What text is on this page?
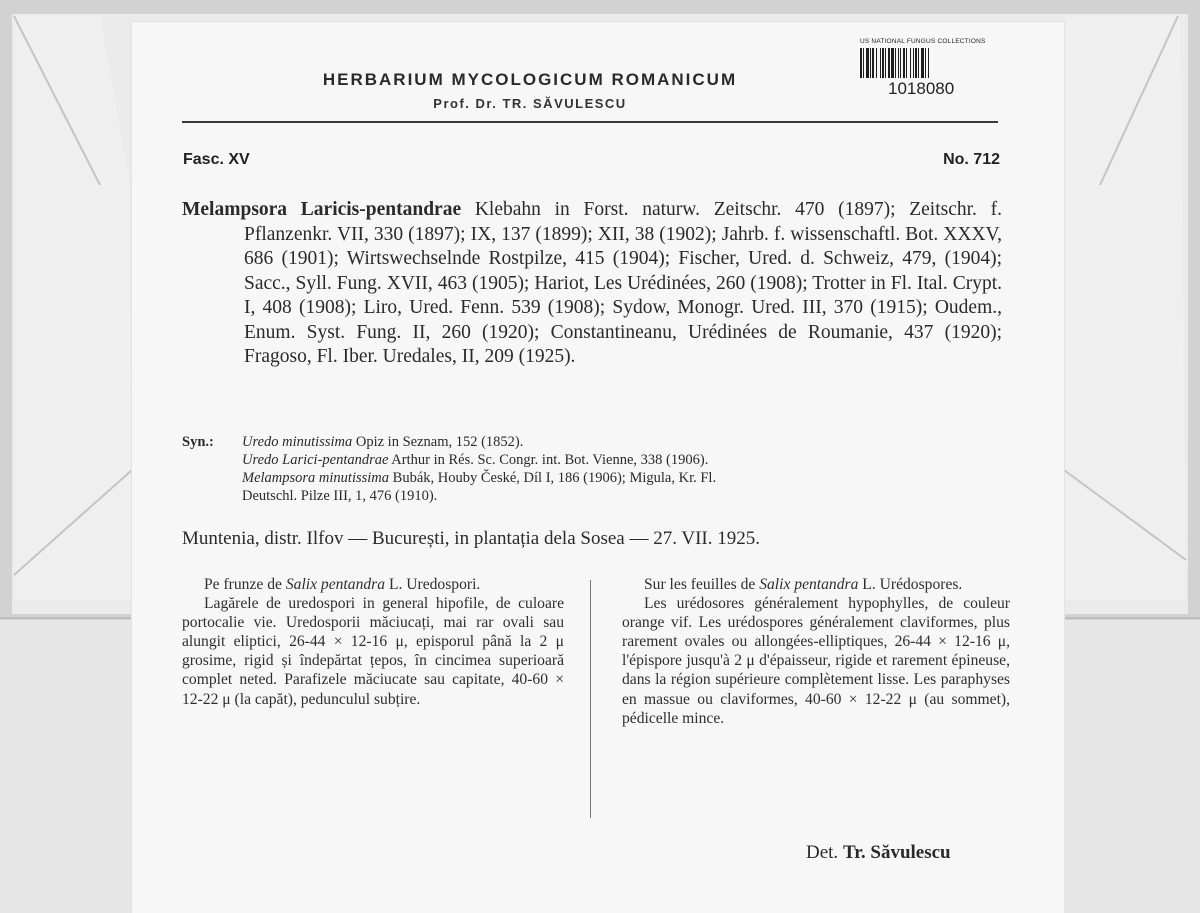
HERBARIUM MYCOLOGICUM ROMANICUM
Prof. Dr. TR. SĂVULESCU
US NATIONAL FUNGUS COLLECTIONS
1018080
Fasc. XV	No. 712
Melampsora Laricis-pentandrae Klebahn in Forst. naturw. Zeitschr. 470 (1897); Zeitschr. f. Pflanzenkr. VII, 330 (1897); IX, 137 (1899); XII, 38 (1902); Jahrb. f. wissenschaftl. Bot. XXXV, 686 (1901); Wirtswechselnde Rostpilze, 415 (1904); Fischer, Ured. d. Schweiz, 479, (1904); Sacc., Syll. Fung. XVII, 463 (1905); Hariot, Les Urédinées, 260 (1908); Trotter in Fl. Ital. Crypt. I, 408 (1908); Liro, Ured. Fenn. 539 (1908); Sydow, Monogr. Ured. III, 370 (1915); Oudem., Enum. Syst. Fung. II, 260 (1920); Constantineanu, Urédinées de Roumanie, 437 (1920); Fragoso, Fl. Iber. Uredales, II, 209 (1925).
Syn.: Uredo minutissima Opiz in Seznam, 152 (1852).
Uredo Larici-pentandrae Arthur in Rés. Sc. Congr. int. Bot. Vienne, 338 (1906).
Melampsora minutissima Bubák, Houby České, Díl I, 186 (1906); Migula, Kr. Fl.
Deutschl. Pilze III, 1, 476 (1910).
Muntenia, distr. Ilfov — București, in plantația dela Sosea — 27. VII. 1925.

Pe frunze de Salix pentandra L. Uredospori.

Lagărele de uredospori in general hipofile, de culoare portocalie vie. Uredosporii măciucați, mai rar ovali sau alungit eliptici, 26-44 × 12-16 μ, episporul până la 2 μ grosime, rigid și îndepărtat țepos, în cincimea superioară complet neted. Parafizele măciucate sau capitate, 40-60 × 12-22 μ (la capăt), pedunculul subțire.

Sur les feuilles de Salix pentandra L. Urédospores.

Les urédosores généralement hypophylles, de couleur orange vif. Les urédospores généralement claviformes, plus rarement ovales ou allongées-elliptiques, 26-44 × 12-16 μ, l'épispore jusqu'à 2 μ d'épaisseur, rigide et rarement épineuse, dans la région supérieure complètement lisse. Les paraphyses en massue ou claviformes, 40-60 × 12-22 μ (au sommet), pédicelle mince.

Det. Tr. Săvulescu
